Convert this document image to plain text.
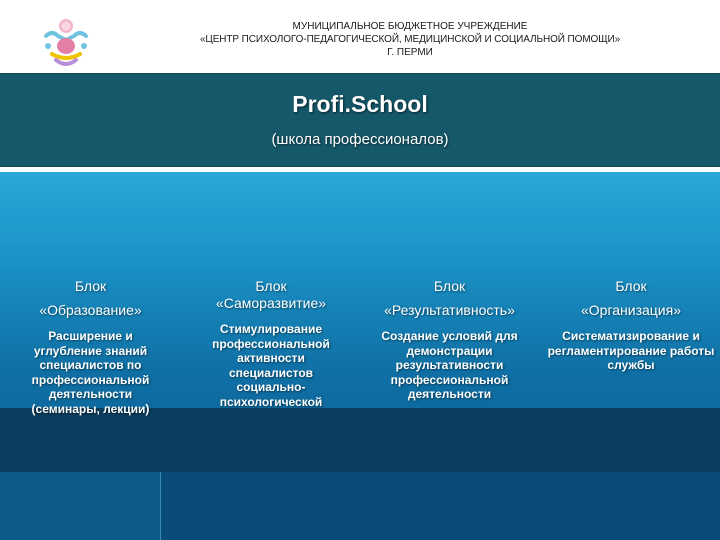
МУНИЦИПАЛЬНОЕ БЮДЖЕТНОЕ УЧРЕЖДЕНИЕ
«ЦЕНТР ПСИХОЛОГО-ПЕДАГОГИЧЕСКОЙ, МЕДИЦИНСКОЙ И СОЦИАЛЬНОЙ ПОМОЩИ»
Г. ПЕРМИ
Profi.School
(школа профессионалов)
Блок
«Образование»
Расширение и углубление знаний специалистов по профессиональной деятельности (семинары, лекции)
Блок
«Саморазвитие»
Стимулирование профессиональной активности специалистов социально-психологической
Блок
«Результативность»
Создание условий для демонстрации результативности профессиональной деятельности
Блок
«Организация»
Систематизирование и регламентирование работы службы
